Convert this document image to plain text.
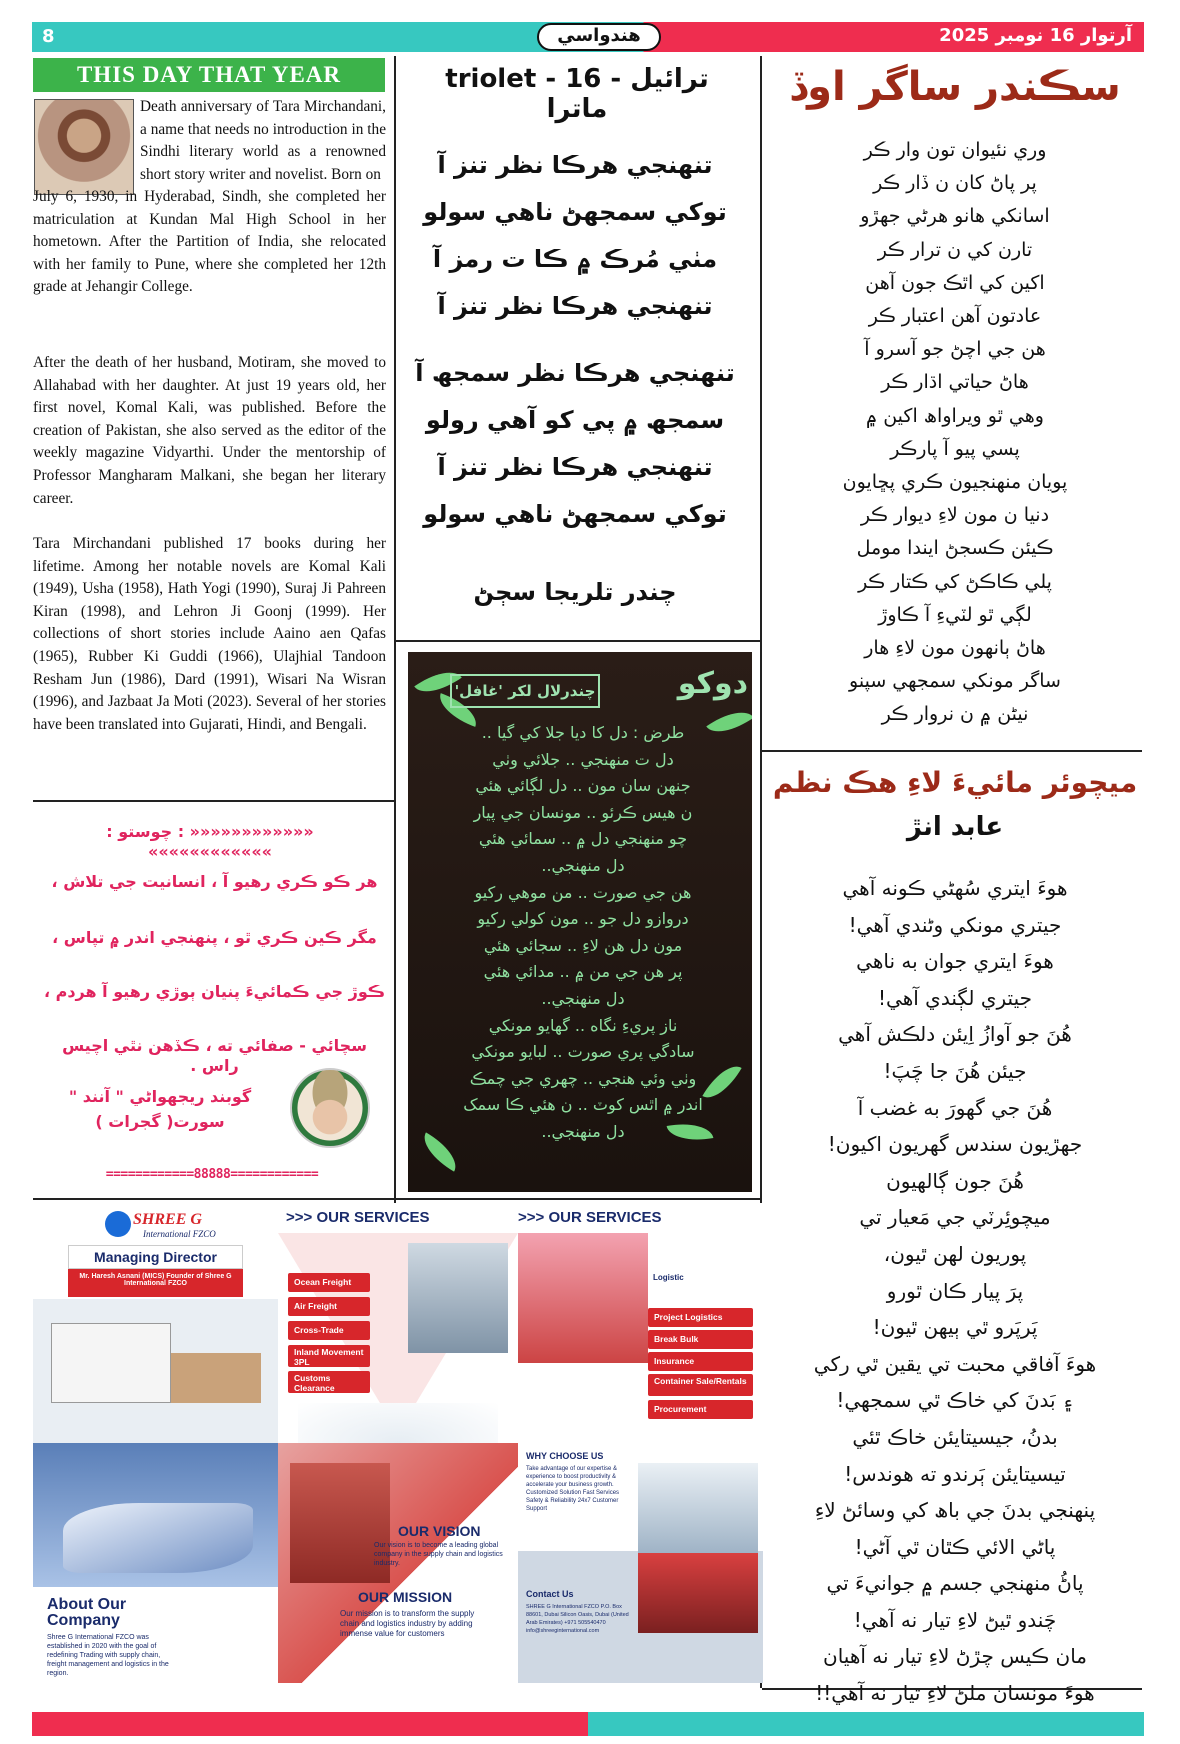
8	هندواسي	آرتوار 16 نومبر 2025
THIS DAY THAT YEAR
Death anniversary of Tara Mirchandani, a name that needs no introduction in the Sindhi literary world as a renowned short story writer and novelist. Born on
July 6, 1930, in Hyderabad, Sindh, she completed her matriculation at Kundan Mal High School in her hometown. After the Partition of India, she relocated with her family to Pune, where she completed her 12th grade at Jehangir College.
After the death of her husband, Motiram, she moved to Allahabad with her daughter. At just 19 years old, her first novel, Komal Kali, was published. Before the creation of Pakistan, she also served as the editor of the weekly magazine Vidyarthi. Under the mentorship of Professor Mangharam Malkani, she began her literary career.
Tara Mirchandani published 17 books during her lifetime. Among her notable novels are Komal Kali (1949), Usha (1958), Hath Yogi (1990), Suraj Ji Pahreen Kiran (1998), and Lehron Ji Goonj (1999). Her collections of short stories include Aaino aen Qafas (1965), Rubber Ki Guddi (1966), Ulajhial Tandoon Resham Jun (1986), Dard (1991), Wisari Na Wisran (1996), and Jazbaat Ja Moti (2023). Several of her stories have been translated into Gujarati, Hindi, and Bengali.
«««««««««««« : چوستو : »»»»»»»»»»»»
هر ڪو ڪري رهيو آ ، انسانيت جي تلاش ،
مگر ڪين ڪري ٿو ، پنهنجي اندر ۾ تپاس ،
ڪوڙ جي ڪمائيءَ پنيان ٻوڙي رهيو آ هردم ،
سچائي - صفائي ته ، ڪڏهن نٿي اچيس راس .
گوبند ريجهواڻي " آنند "
سورت( گجرات )
============88888============
triolet - ترائيل - 16 ماترا
تنهنجي هرڪا نظر تنز آ
توکي سمجهڻ ناهي سولو
مٺي مُرڪ ۾ ڪا ت رمز آ
تنهنجي هرڪا نظر تنز آ
تنهنجي هرڪا نظر سمجھ آ
سمجھ ۾ پي کو آهي رولو
تنهنجي هرڪا نظر تنز آ
توکي سمجهڻ ناهي سولو
چندر تلريجا سڄڻ
دوکو
چندرلال لکر 'غافل'
طرض : دل کا ديا جلا کي گيا ..
دل ت منهنجي .. جلائي وٺي
جنهن سان مون .. دل لڳائي هئي
ن هيس ڪرئو .. مونسان جي پيار
چو منهنجي دل ۾ .. سمائي هئي
دل منهنجي..
هن جي صورت .. من موهي رکيو
دروازو دل جو .. مون کولي رکيو
مون دل هن لاءِ .. سجائي هئي
پر هن جي من ۾ .. مدائي هئي
دل منهنجي..
ناز پريءِ نگاه .. گهايو مونکي
سادگي پري صورت .. لبايو مونکي
وٺي وئي هنجي .. چهري جي چمڪ
اندر ۾ اٿس کوٽ .. ن هئي ڪا سمک
دل منهنجي..
سڪندر ساگر اوڏ
وري نئيوان تون وار ڪر
پر پاڻ کان ن ڏار ڪر
اسانکي هانو هرڻي جهڙو
تارن کي ن ترار ڪر
اکين کي اٿڪ جون آهن
عادتون آهن اعتبار ڪر
هن جي اچڻ جو آسرو آ
هاڻ حياتي اڌار ڪر
وهي ٿو ويراواھ اکين ۾
پسي پيو آ پارڪر
پويان منهنجيون ڪري پڇايون
دنيا ن مون لاءِ ديوار ڪر
ڪيئن ڪسجڻ ايندا مومل
پلي ڪاڪڻ کي ڪتار ڪر
لڳي ٿو لٽيءِ آ ڪاوڙ
هاڻ ٻانهون مون لاءِ هار
ساگر مونکي سمجهي سپنو
نيڻن ۾ ن نروار ڪر
ميچوئر مائيءَ لاءِ هڪ نظم
عابد انڙ
هوءَ ايتري سُهڻي ڪونه آهي
جيتري مونکي وڻندي آهي!
هوءَ ايتري جوان به ناهي
جيتري لڳندي آهي!
هُنَ جو آوازُ اِيئن دلڪش آهي
جيئن هُنَ جا چَپَ!
هُنَ جي گهورَ به غضب آ
جهڙيون سندس گهريون اکيون!
هُنَ جون ڳالهيون
ميچوئِرٽي جي مَعيار تي
پوريون لهن ٿيون،
پرَ پيار ڪان ٿورو
پَرپَرو ٿي ٻيهن ٿيون!
هوءَ آفاقي محبت تي يقين ٿي رکي
۽ بَدنَ کي خاڪ ٿي سمجهي!
بدنُ، جيسيتايئن خاڪ ٿئي
تيسيتايئن ٻَرندو ته هوندس!
پنهنجي بدنَ جي باھ کي وسائڻ لاءِ
پاڻي الائي ڪٿان ٿي آڻي!
پاڻُ منهنجي جسم ۾ جوانيءَ تي
چَندو ٿيڻ لاءِ تيار نه آهي!
مان ڪيس چڙڻ لاءِ تيار نه آهيان
هوءَ مونسان ملڻ لاءِ تيار نه آهي!!
SHREE G
International FZCO
Managing Director
Mr. Haresh Asnani (MICS) Founder of Shree G International FZCO
>>> OUR SERVICES
Ocean Freight
Air Freight
Cross-Trade
Inland Movement 3PL
Customs Clearance
>>> OUR SERVICES
Logistic
Project Logistics
Break Bulk
Insurance
Container Sale/Rentals
Procurement
About Our Company
Shree G International FZCO was established in 2020 with the goal of redefining Trading with supply chain, freight management and logistics in the region.
OUR VISION
Our vision is to become a leading global company in the supply chain and logistics industry.
OUR MISSION
Our mission is to transform the supply chain and logistics industry by adding immense value for customers
WHY CHOOSE US
Take advantage of our expertise & experience to boost productivity & accelerate your business growth. Customized Solution Fast Services Safety & Reliability 24x7 Customer Support
Contact Us
SHREE G International FZCO P.O. Box 88601, Dubai Silicon Oasis, Dubai (United Arab Emirates) +971 505540470 info@shreeginternational.com
